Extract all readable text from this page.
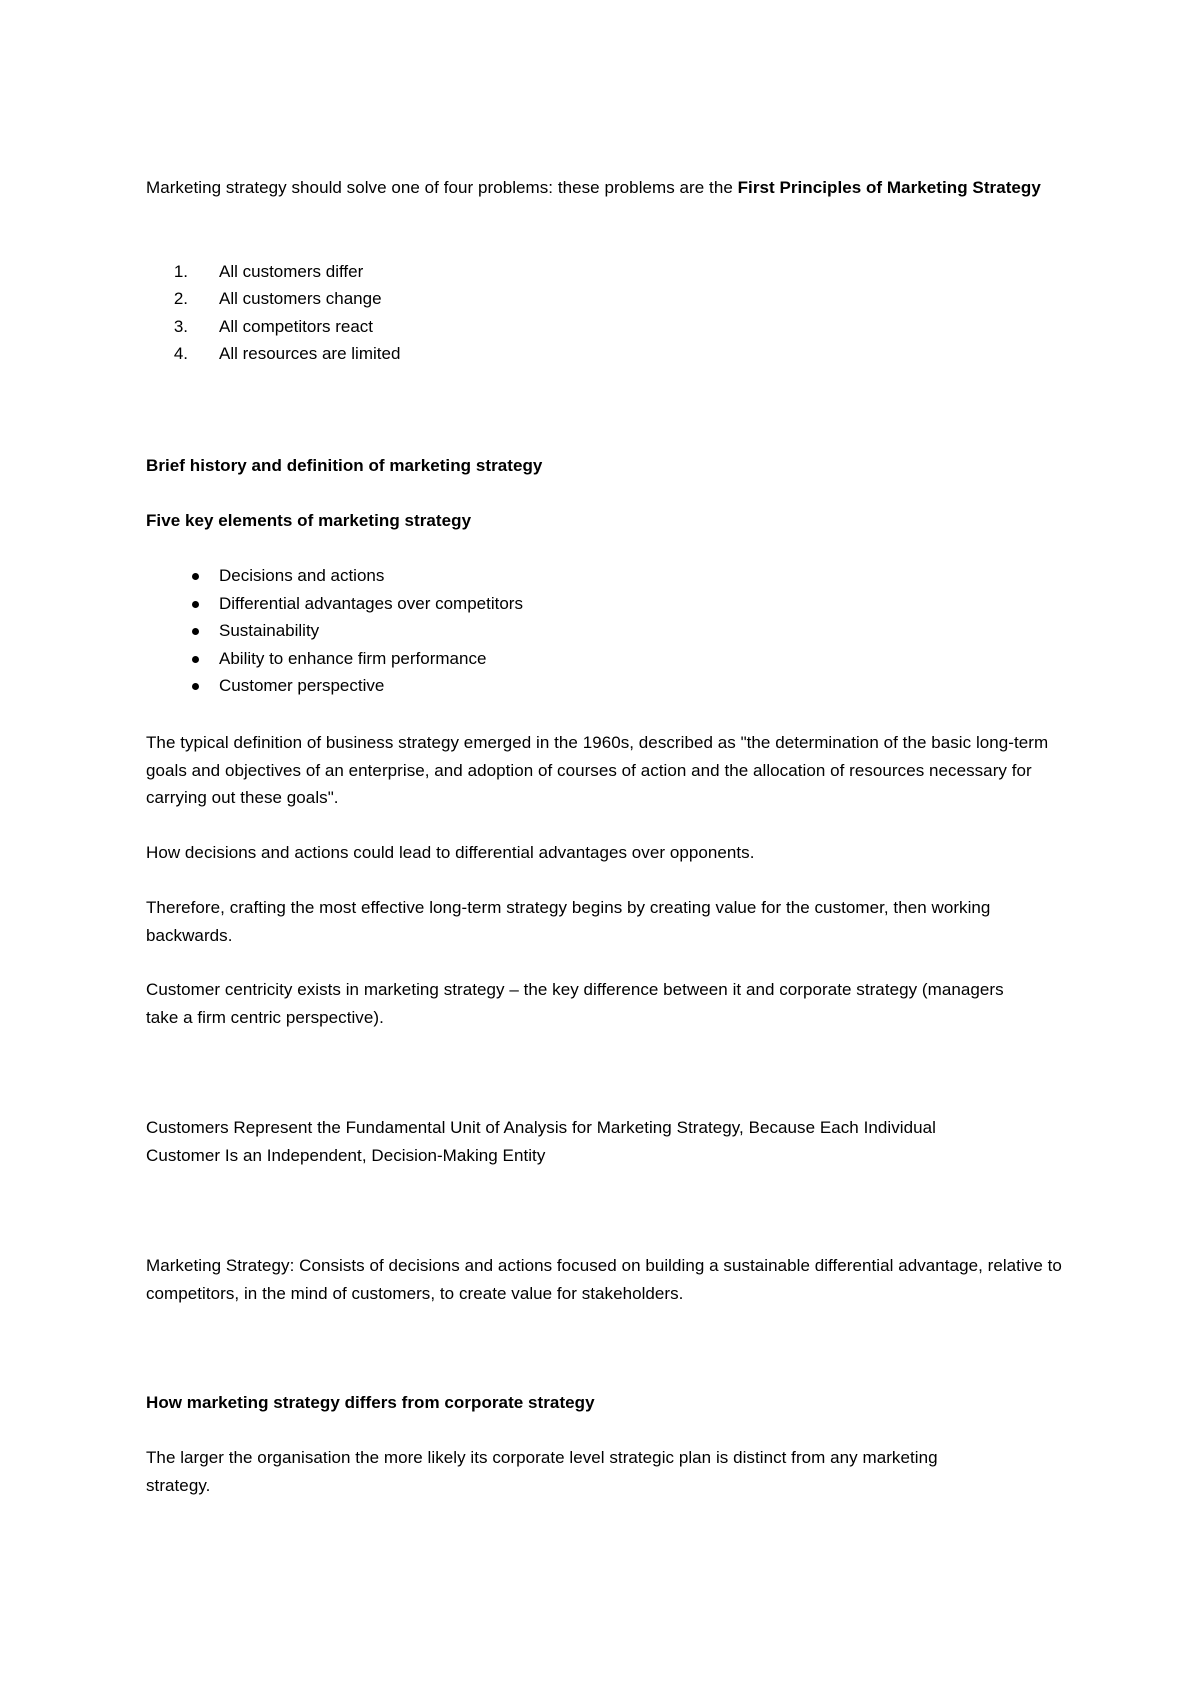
Marketing strategy should solve one of four problems: these problems are the First Principles of Marketing Strategy
1. All customers differ
2. All customers change
3. All competitors react
4. All resources are limited
Brief history and definition of marketing strategy
Five key elements of marketing strategy
Decisions and actions
Differential advantages over competitors
Sustainability
Ability to enhance firm performance
Customer perspective
The typical definition of business strategy emerged in the 1960s, described as "the determination of the basic long-term goals and objectives of an enterprise, and adoption of courses of action and the allocation of resources necessary for carrying out these goals".
How decisions and actions could lead to differential advantages over opponents.
Therefore, crafting the most effective long-term strategy begins by creating value for the customer, then working backwards.
Customer centricity exists in marketing strategy – the key difference between it and corporate strategy (managers take a firm centric perspective).
Customers Represent the Fundamental Unit of Analysis for Marketing Strategy, Because Each Individual Customer Is an Independent, Decision-Making Entity
Marketing Strategy: Consists of decisions and actions focused on building a sustainable differential advantage, relative to competitors, in the mind of customers, to create value for stakeholders.
How marketing strategy differs from corporate strategy
The larger the organisation the more likely its corporate level strategic plan is distinct from any marketing strategy.
